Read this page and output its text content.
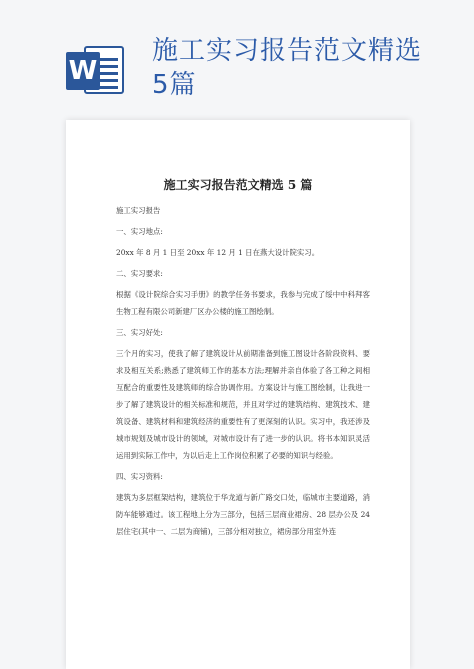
W
施工实习报告范文精选
5篇
施工实习报告范文精选 5 篇

施工实习报告

一、实习地点:

20xx 年 8 月 1 日至 20xx 年 12 月 1 日在燕大设计院实习。

二、实习要求:

根据《设计院综合实习手册》的教学任务书要求，我参与完成了绥中中科拜客生物工程有限公司新建厂区办公楼的施工图绘制。

三、实习好处:

三个月的实习，使我了解了建筑设计从前期准备到施工图设计各阶段资料、要求及相互关系;熟悉了建筑师工作的基本方法;理解并亲自体验了各工种之间相互配合的重要性及建筑师的综合协调作用。方案设计与施工图绘制，让我进一步了解了建筑设计的相关标准和规范，并且对学过的建筑结构、建筑技术、建筑设备、建筑材料和建筑经济的重要性有了更深刻的认识。实习中，我还涉及城市规划及城市设计的领域，对城市设计有了进一步的认识。将书本知识灵活运用到实际工作中，为以后走上工作岗位积累了必要的知识与经验。

四、实习资料:

建筑为多层框架结构，建筑位于华龙道与新广路交口处，临城市主要道路，消防车能够通过。该工程地上分为三部分，包括三层商业裙房、28 层办公及 24 层住宅(其中一、二层为商铺)，三部分相对独立，裙房部分用室外连
